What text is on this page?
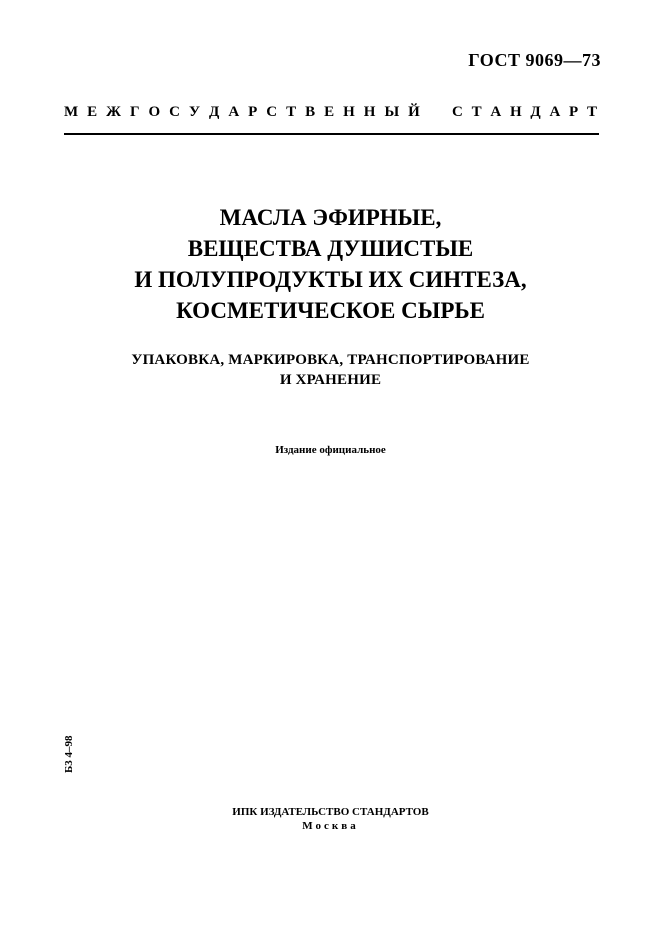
ГОСТ 9069—73
М Е Ж Г О С У Д А Р С Т В Е Н Н Ы Й С Т А Н Д А Р Т
МАСЛА ЭФИРНЫЕ,
ВЕЩЕСТВА ДУШИСТЫЕ
И ПОЛУПРОДУКТЫ ИХ СИНТЕЗА,
КОСМЕТИЧЕСКОЕ СЫРЬЕ
УПАКОВКА, МАРКИРОВКА, ТРАНСПОРТИРОВАНИЕ
И ХРАНЕНИЕ
Издание официальное
Б3 4–98
ИПК ИЗДАТЕЛЬСТВО СТАНДАРТОВ
Москва
